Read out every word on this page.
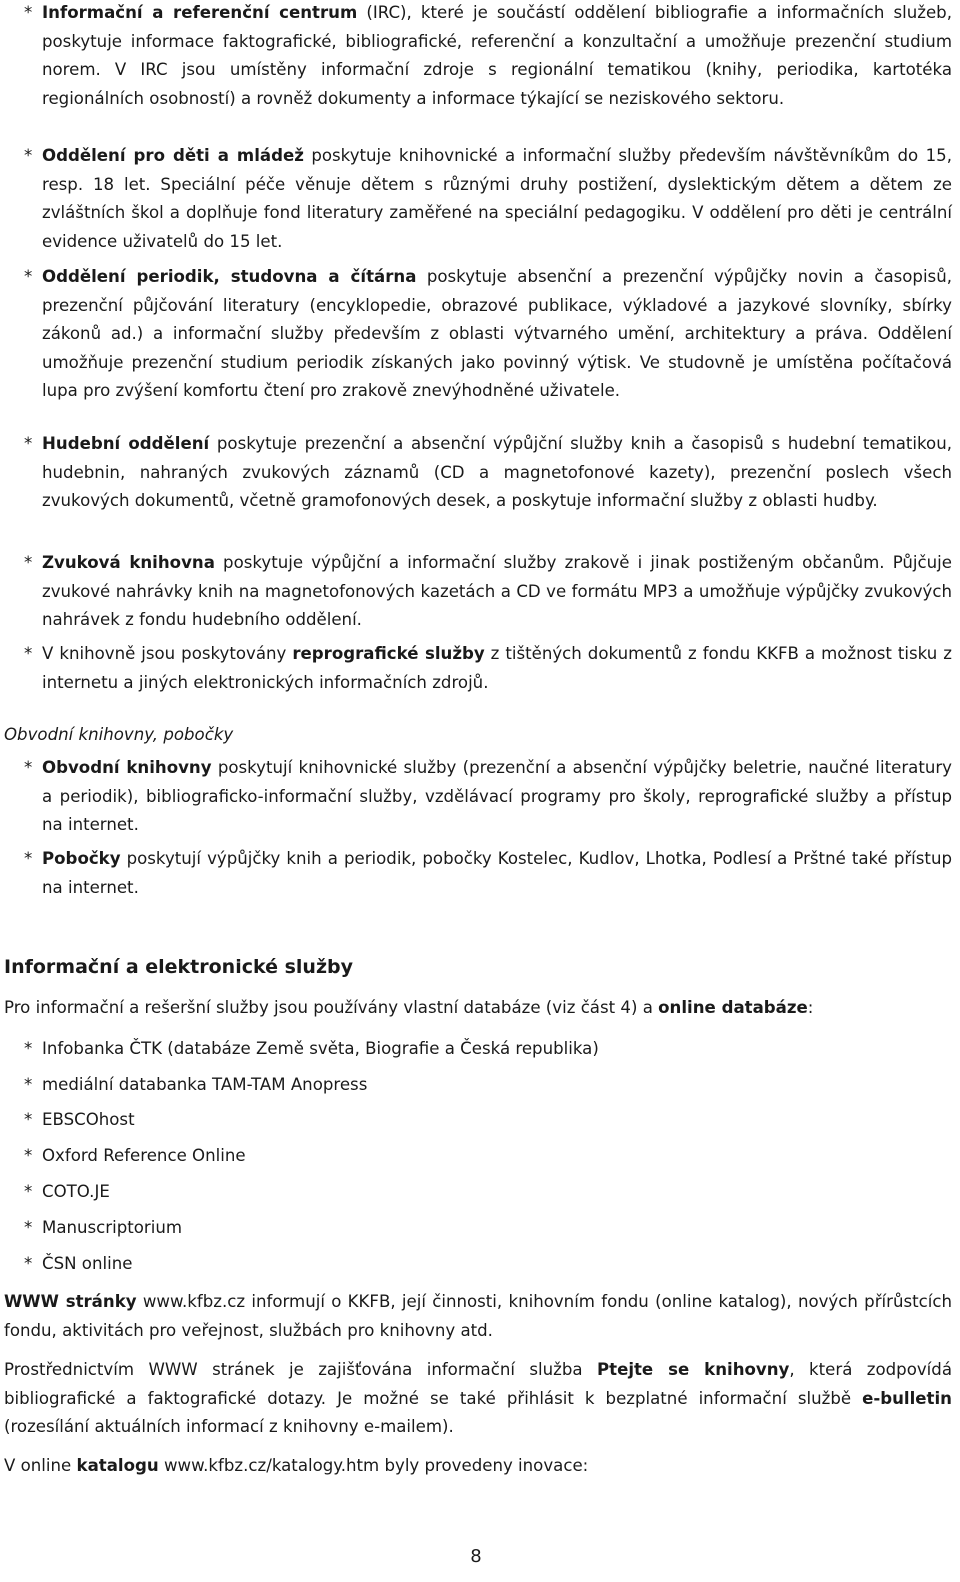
* Informační a referenční centrum (IRC), které je součástí oddělení bibliografie a informačních služeb, poskytuje informace faktografické, bibliografické, referenční a konzultační a umožňuje prezenční studium norem. V IRC jsou umístěny informační zdroje s regionální tematikou (knihy, periodika, kartotéka regionálních osobností) a rovněž dokumenty a informace týkající se neziskového sektoru.
* Oddělení pro děti a mládež poskytuje knihovnické a informační služby především návštěvníkům do 15, resp. 18 let. Speciální péče věnuje dětem s různými druhy postižení, dyslektickým dětem a dětem ze zvláštních škol a doplňuje fond literatury zaměřené na speciální pedagogiku. V oddělení pro děti je centrální evidence uživatelů do 15 let.
* Oddělení periodik, studovna a čítárna poskytuje absenční a prezenční výpůjčky novin a časopisů, prezenční půjčování literatury (encyklopedie, obrazové publikace, výkladové a jazykové slovníky, sbírky zákonů ad.) a informační služby především z oblasti výtvarného umění, architektury a práva. Oddělení umožňuje prezenční studium periodik získaných jako povinný výtisk. Ve studovně je umístěna počítačová lupa pro zvýšení komfortu čtení pro zrakově znevýhodněné uživatele.
* Hudební oddělení poskytuje prezenční a absenční výpůjční služby knih a časopisů s hudební tematikou, hudebnin, nahraných zvukových záznamů (CD a magnetofonové kazety), prezenční poslech všech zvukových dokumentů, včetně gramofonových desek, a poskytuje informační služby z oblasti hudby.
* Zvuková knihovna poskytuje výpůjční a informační služby zrakově i jinak postiženým občanům. Půjčuje zvukové nahrávky knih na magnetofonových kazetách a CD ve formátu MP3 a umožňuje výpůjčky zvukových nahrávek z fondu hudebního oddělení.
* V knihovně jsou poskytovány reprografické služby z tištěných dokumentů z fondu KKFB a možnost tisku z internetu a jiných elektronických informačních zdrojů.
Obvodní knihovny, pobočky
* Obvodní knihovny poskytují knihovnické služby (prezenční a absenční výpůjčky beletrie, naučné literatury a periodik), bibliograficko-informační služby, vzdělávací programy pro školy, reprografické služby a přístup na internet.
* Pobočky poskytují výpůjčky knih a periodik, pobočky Kostelec, Kudlov, Lhotka, Podlesí a Prštné také přístup na internet.
Informační a elektronické služby
Pro informační a rešeršní služby jsou používány vlastní databáze (viz část 4) a online databáze:
* Infobanka ČTK (databáze Země světa, Biografie a Česká republika)
* mediální databanka TAM-TAM Anopress
* EBSCOhost
* Oxford Reference Online
* COTO.JE
* Manuscriptorium
* ČSN online
WWW stránky www.kfbz.cz informují o KKFB, její činnosti, knihovním fondu (online katalog), nových přírůstcích fondu, aktivitách pro veřejnost, službách pro knihovny atd.
Prostřednictvím WWW stránek je zajišťována informační služba Ptejte se knihovny, která zodpovídá bibliografické a faktografické dotazy. Je možné se také přihlásit k bezplatné informační službě e-bulletin (rozesílání aktuálních informací z knihovny e-mailem).
V online katalogu www.kfbz.cz/katalogy.htm byly provedeny inovace:
8
